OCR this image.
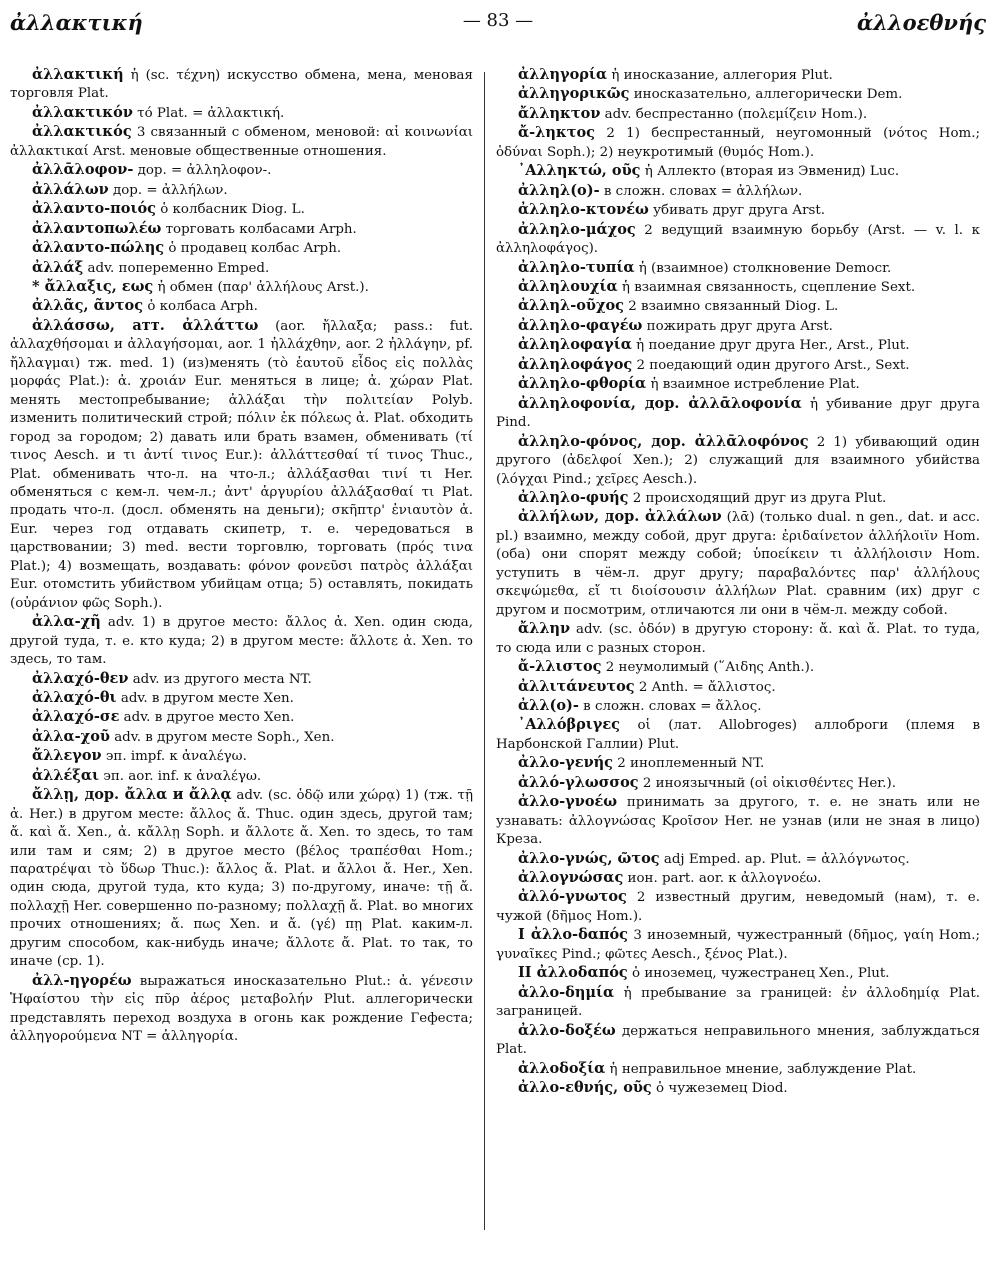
ἀλλακτική	— 83 —	ἀλλοεθνής

ἀλλακτική ἡ (sc. τέχνη) искусство обмена, мена, меновая торговля Plat.

ἀλλακτικόν τό Plat. = ἀλλακτική.

ἀλλακτικός 3 связанный с обменом, меновой: αἱ κοινωνίαι ἀλλακτικαί Arst. меновые общественные отношения.

ἀλλᾱλοφον- дор. = ἀλληλοφον-.

ἀλλάλων дор. = ἀλλήλων.

ἀλλαντο-ποιός ὁ колбасник Diog. L.

ἀλλαντοπωλέω торговать колбасами Arph.

ἀλλαντο-πώλης ὁ продавец колбас Arph.

ἀλλάξ adv. попеременно Emped.

* ἄλλαξις, εως ἡ обмен (παρ' ἀλλήλους Arst.).

ἀλλᾶς, ᾶντος ὁ колбаса Arph.

ἀλλάσσω, атт. ἀλλάττω (aor. ἤλλαξα; pass.: fut. ἀλλαχθήσομαι и ἀλλαγήσομαι, aor. 1 ἠλλάχθην, aor. 2 ἠλλάγην, pf. ἤλλαγμαι) тж. med. 1) (из)менять (τὸ ἑαυτοῦ εἶδος εἰς πολλὰς μορφάς Plat.): ἀ. χροιάν Eur. меняться в лице; ἀ. χώραν Plat. менять местопребывание; ἀλλάξαι τὴν πολιτείαν Polyb. изменить политический строй; πόλιν ἐκ πόλεως ἀ. Plat. обходить город за городом; 2) давать или брать взамен, обменивать (τί τινος Aesch. и τι ἀντί τινος Eur.): ἀλλάττεσθαί τί τινος Thuc., Plat. обменивать что-л. на что-л.; ἀλλάξασθαι τινί τι Her. обменяться с кем-л. чем-л.; ἀντ' ἀργυρίου ἀλλάξασθαί τι Plat. продать что-л. (досл. обменять на деньги); σκῆπτρ' ἐνιαυτὸν ἀ. Eur. через год отдавать скипетр, т. е. чередоваться в царствовании; 3) med. вести торговлю, торговать (πρός τινα Plat.); 4) возмещать, воздавать: φόνον φονεῦσι πατρὸς ἀλλάξαι Eur. отомстить убийством убийцам отца; 5) оставлять, покидать (οὐράνιον φῶς Soph.).

ἀλλα-χῆ adv. 1) в другое место: ἄλλος ἀ. Xen. один сюда, другой туда, т. е. кто куда; 2) в другом месте: ἄλλοτε ἀ. Xen. то здесь, то там.

ἀλλαχό-θεν adv. из другого места NT.

ἀλλαχό-θι adv. в другом месте Xen.

ἀλλαχό-σε adv. в другое место Xen.

ἀλλα-χοῦ adv. в другом месте Soph., Xen.

ἄλλεγον эп. impf. к ἀναλέγω.

ἀλλέξαι эп. aor. inf. к ἀναλέγω.

ἄλλῃ, дор. ἄλλα и ἄλλᾳ adv. (sc. ὁδῷ или χώρᾳ) 1) (тж. τῇ ἀ. Her.) в другом месте: ἄλλος ἄ. Thuc. один здесь, другой там; ἄ. καὶ ἄ. Xen., ἀ. κἄλλῃ Soph. и ἄλλοτε ἄ. Xen. то здесь, то там или там и сям; 2) в другое место (βέλος τραπέσθαι Hom.; παρατρέψαι τὸ ὕδωρ Thuc.): ἄλλος ἄ. Plat. и ἄλλοι ἄ. Her., Xen. один сюда, другой туда, кто куда; 3) по-другому, иначе: τῇ ἄ. πολλαχῇ Her. совершенно по-разному; πολλαχῇ ἄ. Plat. во многих прочих отношениях; ἄ. πως Xen. и ἄ. (γέ) πῃ Plat. каким-л. другим способом, как-нибудь иначе; ἄλλοτε ἄ. Plat. то так, то иначе (ср. 1).

ἀλλ-ηγορέω выражаться иносказательно Plut.: ἀ. γένεσιν Ἡφαίστου τὴν εἰς πῦρ ἀέρος μεταβολήν Plut. аллегорически представлять переход воздуха в огонь как рождение Гефеста; ἀλληγορούμενα NT = ἀλληγορία.

ἀλληγορία ἡ иносказание, аллегория Plut.

ἀλληγορικῶς иносказательно, аллегорически Dem.

ἄλληκτον adv. беспрестанно (πολεμίζειν Hom.).

ἄ-ληκτος 2 1) беспрестанный, неугомонный (νότος Hom.; ὀδύναι Soph.); 2) неукротимый (θυμός Hom.).

᾿Αλληκτώ, οῦς ἡ Аллекто (вторая из Эвменид) Luc.

ἀλληλ(ο)- в сложн. словах = ἀλλήλων.

ἀλληλο-κτονέω убивать друг друга Arst.

ἀλληλο-μάχος 2 ведущий взаимную борьбу (Arst. — v. l. к ἀλληλοφάγος).

ἀλληλο-τυπία ἡ (взаимное) столкновение Democr.

ἀλληλουχία ἡ взаимная связанность, сцепление Sext.

ἀλληλ-οῦχος 2 взаимно связанный Diog. L.

ἀλληλο-φαγέω пожирать друг друга Arst.

ἀλληλοφαγία ἡ поедание друг друга Her., Arst., Plut.

ἀλληλοφάγος 2 поедающий один другого Arst., Sext.

ἀλληλο-φθορία ἡ взаимное истребление Plat.

ἀλληλοφονία, дор. ἀλλᾱλοφονία ἡ убивание друг друга Pind.

ἀλληλο-φόνος, дор. ἀλλᾱλοφόνος 2 1) убивающий один другого (ἀδελφοί Xen.); 2) служащий для взаимного убийства (λόγχαι Pind.; χεῖρες Aesch.).

ἀλληλο-φυής 2 происходящий друг из друга Plut.

ἀλλήλων, дор. ἀλλάλων (λᾱ) (только dual. n gen., dat. и acc. pl.) взаимно, между собой, друг друга: ἐριδαίνετον ἀλλήλοιϊν Hom. (оба) они спорят между собой; ὑποείκειν τι ἀλλήλοισιν Hom. уступить в чём-л. друг другу; παραβαλόντες παρ' ἀλλήλους σκεψώμεθα, εἴ τι διοίσουσιν ἀλλήλων Plat. сравним (их) друг с другом и посмотрим, отличаются ли они в чём-л. между собой.

ἄλλην adv. (sc. ὁδόν) в другую сторону: ἄ. καὶ ἄ. Plat. то туда, то сюда или с разных сторон.

ἄ-λλιστος 2 неумолимый (῞Αιδης Anth.).

ἀλλιτάνευτος 2 Anth. = ἄλλιστος.

ἀλλ(ο)- в сложн. словах = ἄλλος.

᾿Αλλόβριγες οἱ (лат. Allobroges) аллоброги (племя в Нарбонской Галлии) Plut.

ἀλλο-γενής 2 иноплеменный NT.

ἀλλό-γλωσσος 2 иноязычный (οἱ οἰκισθέντες Her.).

ἀλλο-γνοέω принимать за другого, т. е. не знать или не узнавать: ἀλλογνώσας Κροῖσον Her. не узнав (или не зная в лицо) Креза.

ἀλλο-γνώς, ῶτος adj Emped. ap. Plut. = ἀλλόγνωτος.

ἀλλογνώσας ион. part. aor. к ἀλλογνοέω.

ἀλλό-γνωτος 2 известный другим, неведомый (нам), т. е. чужой (δῆμος Hom.).

I ἀλλο-δαπός 3 иноземный, чужестранный (δῆμος, γαίη Hom.; γυναῖκες Pind.; φῶτες Aesch., ξένος Plat.).

II ἀλλοδαπός ὁ иноземец, чужестранец Xen., Plut.

ἀλλο-δημία ἡ пребывание за границей: ἐν ἀλλοδημίᾳ Plat. заграницей.

ἀλλο-δοξέω держаться неправильного мнения, заблуждаться Plat.

ἀλλοδοξία ἡ неправильное мнение, заблуждение Plat.

ἀλλο-εθνής, οῦς ὁ чужеземец Diod.
